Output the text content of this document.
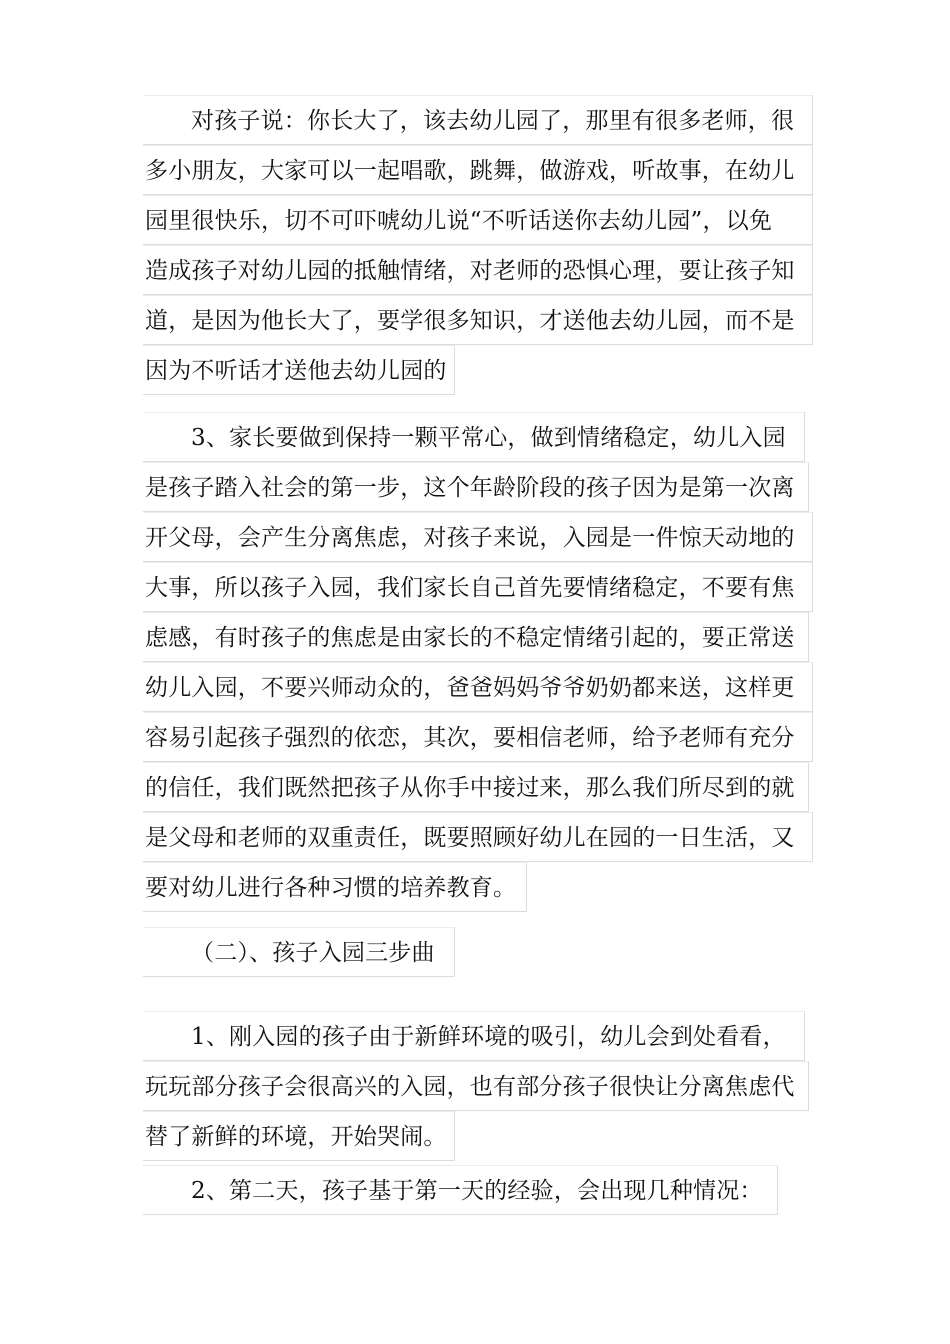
对孩子说：你长大了，该去幼儿园了，那里有很多老师，很
多小朋友，大家可以一起唱歌，跳舞，做游戏，听故事，在幼儿
园里很快乐，切不可吓唬幼儿说“不听话送你去幼儿园”，以免
造成孩子对幼儿园的抵触情绪，对老师的恐惧心理，要让孩子知
道，是因为他长大了，要学很多知识，才送他去幼儿园，而不是
因为不听话才送他去幼儿园的
3、家长要做到保持一颗平常心，做到情绪稳定，幼儿入园
是孩子踏入社会的第一步，这个年龄阶段的孩子因为是第一次离
开父母，会产生分离焦虑，对孩子来说，入园是一件惊天动地的
大事，所以孩子入园，我们家长自己首先要情绪稳定，不要有焦
虑感，有时孩子的焦虑是由家长的不稳定情绪引起的，要正常送
幼儿入园，不要兴师动众的，爸爸妈妈爷爷奶奶都来送，这样更
容易引起孩子强烈的依恋，其次，要相信老师，给予老师有充分
的信任，我们既然把孩子从你手中接过来，那么我们所尽到的就
是父母和老师的双重责任，既要照顾好幼儿在园的一日生活，又
要对幼儿进行各种习惯的培养教育。
（二）、孩子入园三步曲
1、刚入园的孩子由于新鲜环境的吸引，幼儿会到处看看，
玩玩部分孩子会很高兴的入园，也有部分孩子很快让分离焦虑代
替了新鲜的环境，开始哭闹。
2、第二天，孩子基于第一天的经验，会出现几种情况：
